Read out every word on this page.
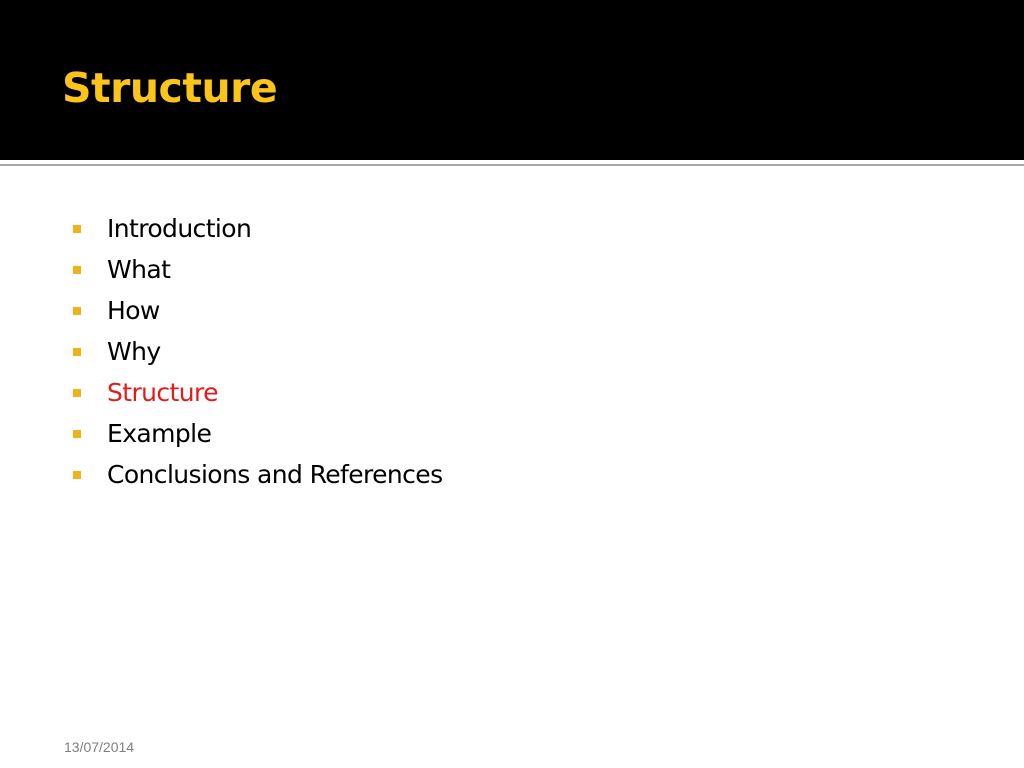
Structure
Introduction
What
How
Why
Structure
Example
Conclusions and References
13/07/2014
